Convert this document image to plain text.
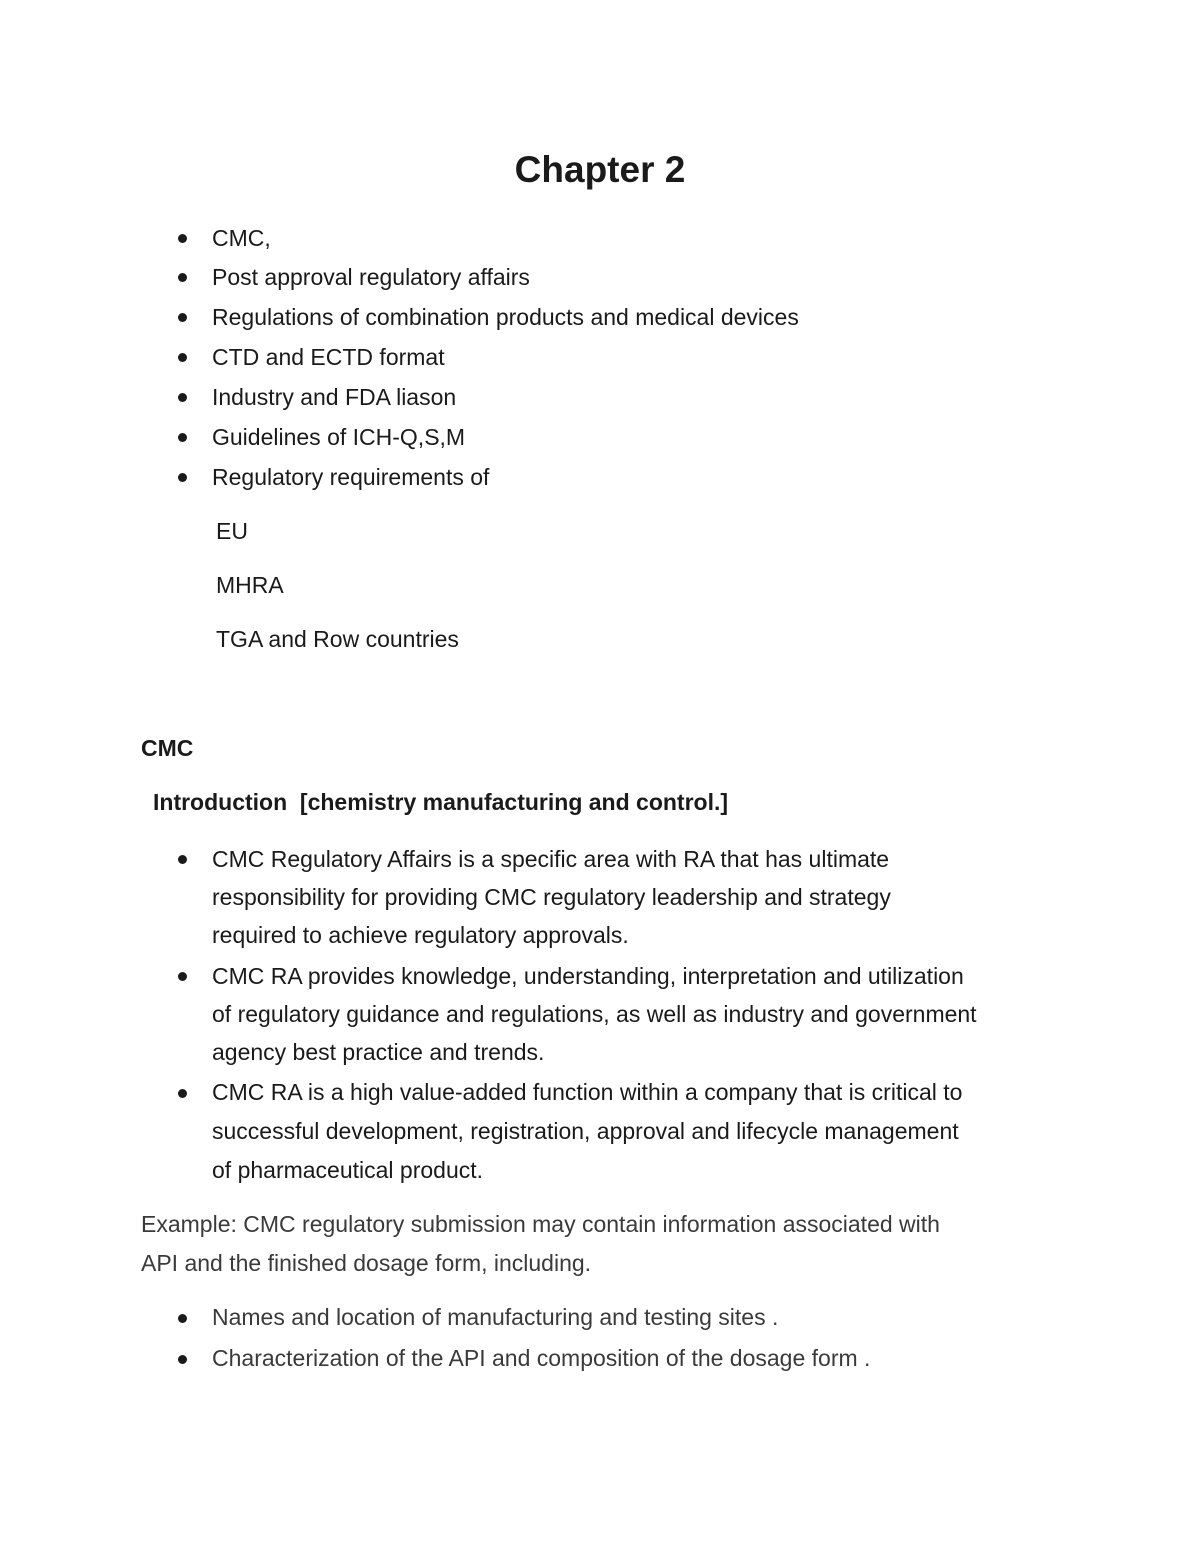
Chapter 2
CMC,
Post approval regulatory affairs
Regulations of combination products and medical devices
CTD and ECTD format
Industry and FDA liason
Guidelines of ICH-Q,S,M
Regulatory requirements of
EU
MHRA
TGA and Row countries
CMC
Introduction  [chemistry manufacturing and control.]
CMC Regulatory Affairs is a specific area with RA that has ultimate
responsibility for providing CMC regulatory leadership and strategy
required to achieve regulatory approvals.
CMC RA provides knowledge, understanding, interpretation and utilization
of regulatory guidance and regulations, as well as industry and government
agency best practice and trends.
CMC RA is a high value-added function within a company that is critical to
successful development, registration, approval and lifecycle management
of pharmaceutical product.
Example: CMC regulatory submission may contain information associated with
API and the finished dosage form, including.
Names and location of manufacturing and testing sites .
Characterization of the API and composition of the dosage form .
